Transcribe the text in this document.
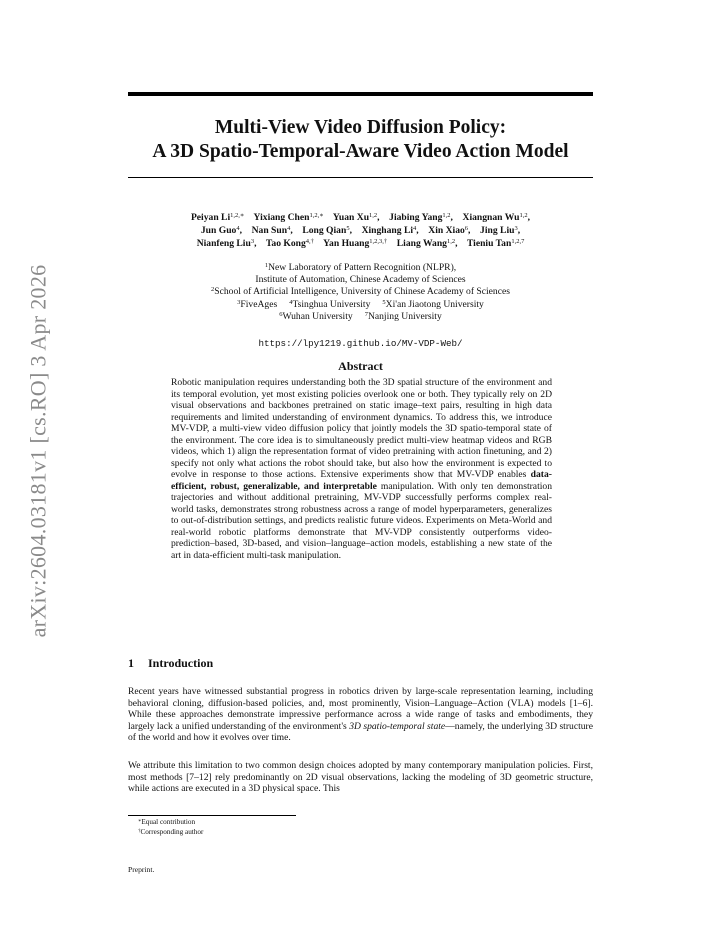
arXiv:2604.03181v1 [cs.RO] 3 Apr 2026
Multi-View Video Diffusion Policy:
A 3D Spatio-Temporal-Aware Video Action Model
Peiyan $Li^{1,2,∗}$ Yixiang Chen$^{1,2,∗}$ Yuan Xu$^{1,2}$,    Jiabing Yang$^{1,2}$,    Xiangnan Wu$^{1,2}$,
Jun Guo$^4$,    Nan Sun$^4$,    Long Qian$^5$,    Xinghang Li$^4$,    Xin Xiao$^6$,    Jing Liu$^3$,
Nianfeng Liu$^3$,    Tao Kong$^{4,\dagger}$ Yan Huang$^{1,2,3,\dagger}$ Liang Wang$^{1,2}$,    Tieniu Tan$^{1,2,7}$
$^1$New Laboratory of Pattern Recognition (NLPR),
Institute of Automation, Chinese Academy of Sciences
$^2$School of Artificial Intelligence, University of Chinese Academy of Sciences
$^3$FiveAges $^4$Tsinghua University $^5$Xi'an Jiaotong University
$^6$Wuhan University $^7$Nanjing University
https://lpy1219.github.io/MV-VDP-Web/
Abstract
Robotic manipulation requires understanding both the 3D spatial structure of the environment and its temporal evolution, yet most existing policies overlook one or both. They typically rely on 2D visual observations and backbones pretrained on static image–text pairs, resulting in high data requirements and limited understanding of environment dynamics. To address this, we introduce MV-VDP, a multi-view video diffusion policy that jointly models the 3D spatio-temporal state of the environment. The core idea is to simultaneously predict multi-view heatmap videos and RGB videos, which 1) align the representation format of video pretraining with action finetuning, and 2) specify not only what actions the robot should take, but also how the environment is expected to evolve in response to those actions. Extensive experiments show that MV-VDP enables data-efficient, robust, generalizable, and interpretable manipulation. With only ten demonstration trajectories and without additional pretraining, MV-VDP successfully performs complex real-world tasks, demonstrates strong robustness across a range of model hyperparameters, generalizes to out-of-distribution settings, and predicts realistic future videos. Experiments on Meta-World and real-world robotic platforms demonstrate that MV-VDP consistently outperforms video-prediction–based, 3D-based, and vision–language–action models, establishing a new state of the art in data-efficient multi-task manipulation.
1 Introduction
Recent years have witnessed substantial progress in robotics driven by large-scale representation learning, including behavioral cloning, diffusion-based policies, and, most prominently, Vision–Language–Action (VLA) models [1–6]. While these approaches demonstrate impressive performance across a wide range of tasks and embodiments, they largely lack a unified understanding of the environment's 3D spatio-temporal state—namely, the underlying 3D structure of the world and how it evolves over time.
We attribute this limitation to two common design choices adopted by many contemporary manipulation policies. First, most methods [7–12] rely predominantly on 2D visual observations, lacking the modeling of 3D geometric structure, while actions are executed in a 3D physical space. This
∗Equal contribution
†Corresponding author
Preprint.
